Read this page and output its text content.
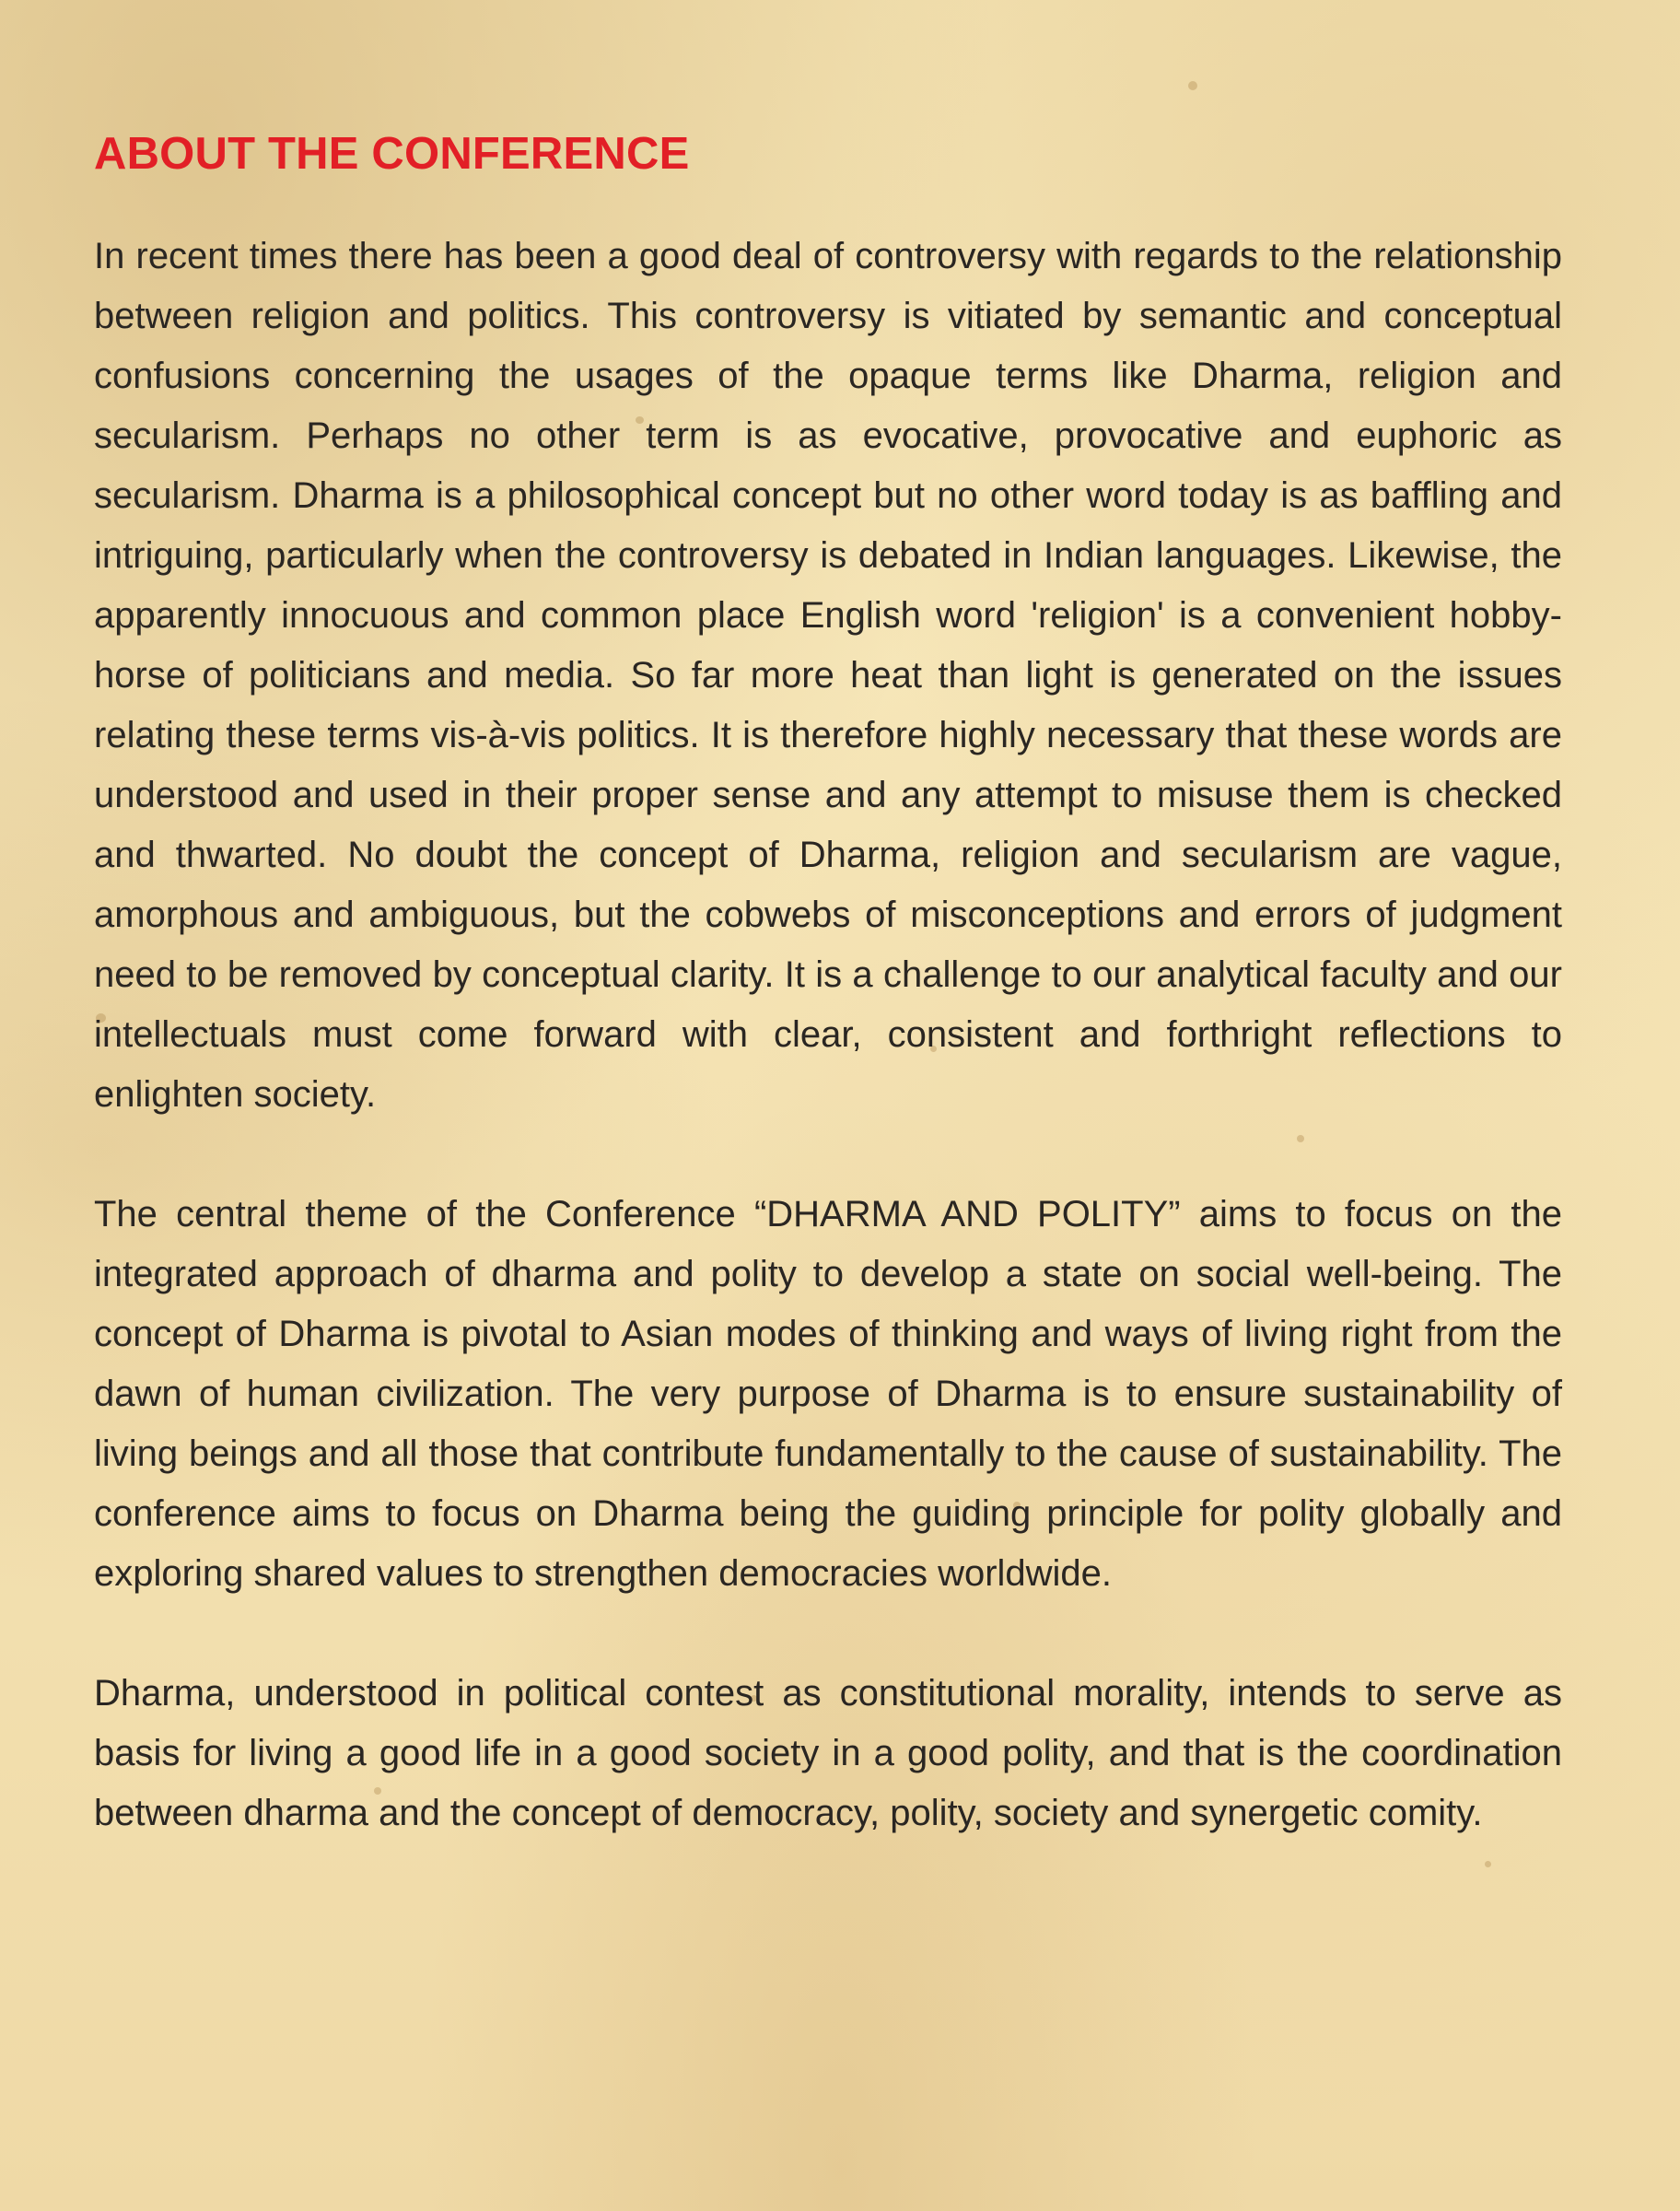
ABOUT THE CONFERENCE

In recent times there has been a good deal of controversy with regards to the relationship between religion and politics. This controversy is vitiated by semantic and conceptual confusions concerning the usages of the opaque terms like Dharma, religion and secularism. Perhaps no other term is as evocative, provocative and euphoric as secularism. Dharma is a philosophical concept but no other word today is as baffling and intriguing, particularly when the controversy is debated in Indian languages. Likewise, the apparently innocuous and common place English word 'religion' is a convenient hobby-horse of politicians and media. So far more heat than light is generated on the issues relating these terms vis-à-vis politics. It is therefore highly necessary that these words are understood and used in their proper sense and any attempt to misuse them is checked and thwarted. No doubt the concept of Dharma, religion and secularism are vague, amorphous and ambiguous, but the cobwebs of misconceptions and errors of judgment need to be removed by conceptual clarity. It is a challenge to our analytical faculty and our intellectuals must come forward with clear, consistent and forthright reflections to enlighten society.

The central theme of the Conference “DHARMA AND POLITY” aims to focus on the integrated approach of dharma and polity to develop a state on social well-being. The concept of Dharma is pivotal to Asian modes of thinking and ways of living right from the dawn of human civilization. The very purpose of Dharma is to ensure sustainability of living beings and all those that contribute fundamentally to the cause of sustainability. The conference aims to focus on Dharma being the guiding principle for polity globally and exploring shared values to strengthen democracies worldwide.

Dharma, understood in political contest as constitutional morality, intends to serve as basis for living a good life in a good society in a good polity, and that is the coordination between dharma and the concept of democracy, polity, society and synergetic comity.
